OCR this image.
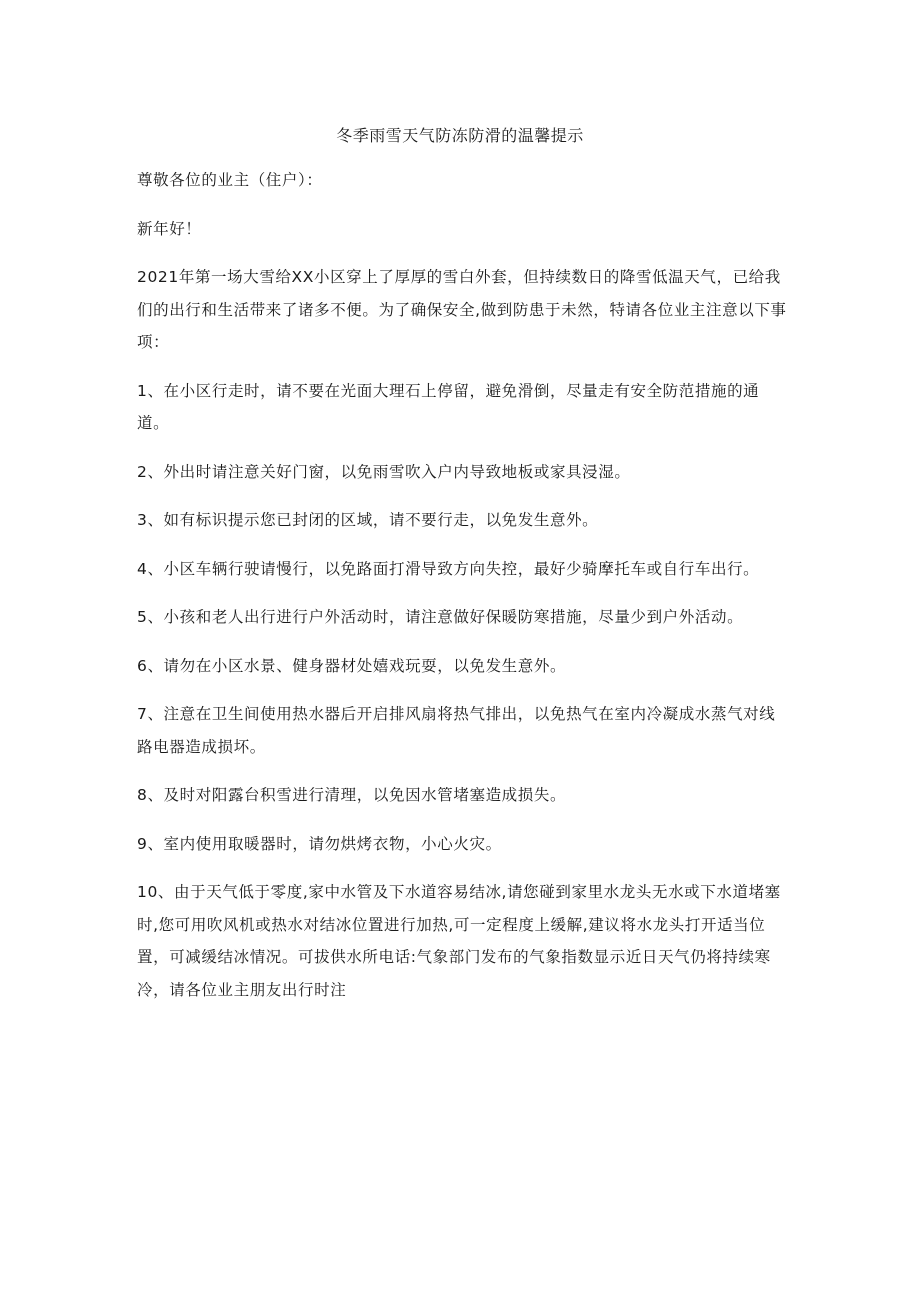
冬季雨雪天气防冻防滑的温馨提示

尊敬各位的业主（住户）：

新年好！

2021年第一场大雪给XX小区穿上了厚厚的雪白外套，但持续数日的降雪低温天气，已给我们的出行和生活带来了诸多不便。为了确保安全,做到防患于未然，特请各位业主注意以下事项：

1、在小区行走时，请不要在光面大理石上停留，避免滑倒，尽量走有安全防范措施的通道。

2、外出时请注意关好门窗，以免雨雪吹入户内导致地板或家具浸湿。

3、如有标识提示您已封闭的区域，请不要行走，以免发生意外。

4、小区车辆行驶请慢行，以免路面打滑导致方向失控，最好少骑摩托车或自行车出行。

5、小孩和老人出行进行户外活动时，请注意做好保暖防寒措施，尽量少到户外活动。

6、请勿在小区水景、健身器材处嬉戏玩耍，以免发生意外。

7、注意在卫生间使用热水器后开启排风扇将热气排出，以免热气在室内冷凝成水蒸气对线路电器造成损坏。

8、及时对阳露台积雪进行清理，以免因水管堵塞造成损失。

9、室内使用取暖器时，请勿烘烤衣物，小心火灾。

10、由于天气低于零度,家中水管及下水道容易结冰,请您碰到家里水龙头无水或下水道堵塞时,您可用吹风机或热水对结冰位置进行加热,可一定程度上缓解,建议将水龙头打开适当位置，可减缓结冰情况。可拔供水所电话:气象部门发布的气象指数显示近日天气仍将持续寒冷，请各位业主朋友出行时注
